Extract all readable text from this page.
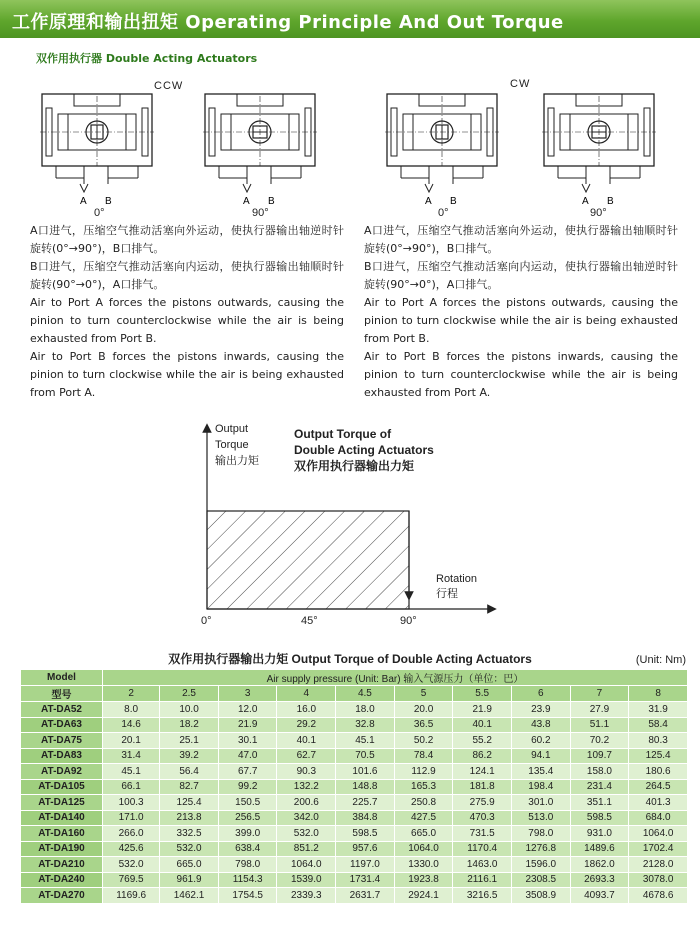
工作原理和输出扭矩 Operating Principle And Out Torque
双作用执行器 Double Acting Actuators
CCW	CW
A B	A B	A B	A B
0°	90°	0°	90°

A口进气，压缩空气推动活塞向外运动，使执行器输出轴逆时针旋转(0°→90°)，B口排气。

B口进气，压缩空气推动活塞向内运动，使执行器输出轴顺时针旋转(90°→0°)，A口排气。

Air to Port A forces the pistons outwards, causing the pinion to turn counterclockwise while the air is being exhausted from Port B.

Air to Port B forces the pistons inwards, causing the pinion to turn clockwise while the air is being exhausted from Port A.

A口进气，压缩空气推动活塞向外运动，使执行器输出轴顺时针旋转(0°→90°)，B口排气。

B口进气，压缩空气推动活塞向内运动，使执行器输出轴逆时针旋转(90°→0°)，A口排气。

Air to Port A forces the pistons outwards, causing the pinion to turn clockwise while the air is being exhausted from Port B.

Air to Port B forces the pistons inwards, causing the pinion to turn counterclockwise while the air is being exhausted from Port A.

Output
Torque
输出力矩
Output Torque of
Double Acting Actuators
双作用执行器输出力矩
Rotation
行程
0°	45°	90°
双作用执行器输出力矩 Output Torque of Double Acting Actuators	(Unit: Nm)
Model	Air supply pressure (Unit: Bar) 输入气源压力（单位：巴）									
型号	2	2.5	3	4	4.5	5	5.5	6	7	8
AT-DA52	8.0	10.0	12.0	16.0	18.0	20.0	21.9	23.9	27.9	31.9
AT-DA63	14.6	18.2	21.9	29.2	32.8	36.5	40.1	43.8	51.1	58.4
AT-DA75	20.1	25.1	30.1	40.1	45.1	50.2	55.2	60.2	70.2	80.3
AT-DA83	31.4	39.2	47.0	62.7	70.5	78.4	86.2	94.1	109.7	125.4
AT-DA92	45.1	56.4	67.7	90.3	101.6	112.9	124.1	135.4	158.0	180.6
AT-DA105	66.1	82.7	99.2	132.2	148.8	165.3	181.8	198.4	231.4	264.5
AT-DA125	100.3	125.4	150.5	200.6	225.7	250.8	275.9	301.0	351.1	401.3
AT-DA140	171.0	213.8	256.5	342.0	384.8	427.5	470.3	513.0	598.5	684.0
AT-DA160	266.0	332.5	399.0	532.0	598.5	665.0	731.5	798.0	931.0	1064.0
AT-DA190	425.6	532.0	638.4	851.2	957.6	1064.0	1170.4	1276.8	1489.6	1702.4
AT-DA210	532.0	665.0	798.0	1064.0	1197.0	1330.0	1463.0	1596.0	1862.0	2128.0
AT-DA240	769.5	961.9	1154.3	1539.0	1731.4	1923.8	2116.1	2308.5	2693.3	3078.0
AT-DA270	1169.6	1462.1	1754.5	2339.3	2631.7	2924.1	3216.5	3508.9	4093.7	4678.6
